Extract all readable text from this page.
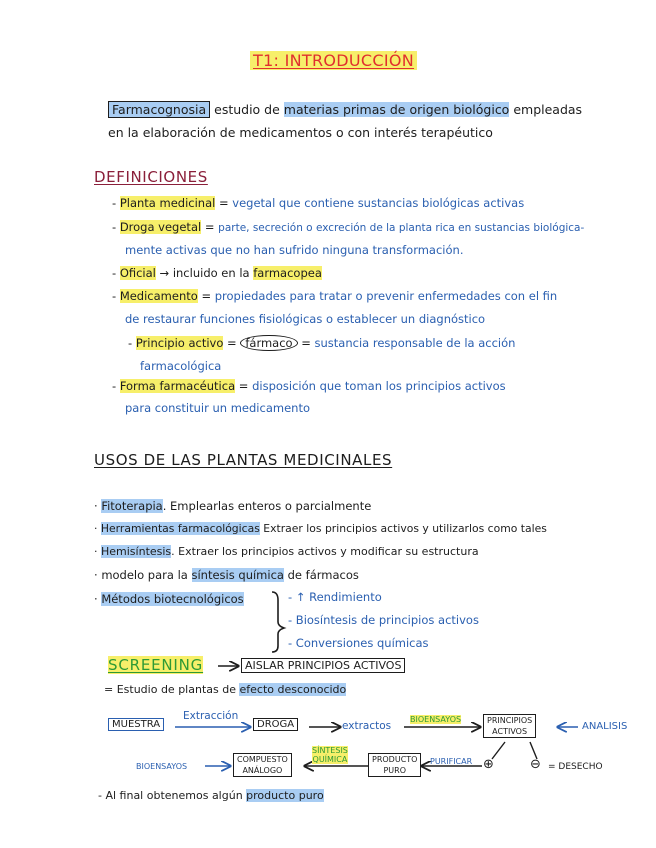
T1: INTRODUCCIÓN
Farmacognosia estudio de materias primas de origen biológico empleadas
en la elaboración de medicamentos o con interés terapéutico
DEFINICIONES
- Planta medicinal = vegetal que contiene sustancias biológicas activas
- Droga vegetal = parte, secreción o excreción de la planta rica en sustancias biológica-
mente activas que no han sufrido ninguna transformación.
- Oficial → incluido en la farmacopea
- Medicamento = propiedades para tratar o prevenir enfermedades con el fin
de restaurar funciones fisiológicas o establecer un diagnóstico
- Principio activo = fármaco = sustancia responsable de la acción
farmacológica
- Forma farmacéutica = disposición que toman los principios activos
para constituir un medicamento
USOS DE LAS PLANTAS MEDICINALES
· Fitoterapia. Emplearlas enteros o parcialmente
· Herramientas farmacológicas Extraer los principios activos y utilizarlos como tales
· Hemisíntesis. Extraer los principios activos y modificar su estructura
· modelo para la síntesis química de fármacos
· Métodos biotecnológicos	- ↑ Rendimiento
- Biosíntesis de principios activos
- Conversiones químicas
SCREENING	AISLAR PRINCIPIOS ACTIVOS
= Estudio de plantas de efecto desconocido
MUESTRA
Extracción
DROGA	extractos
BIOENSAYOS	PRINCIPIOS
ACTIVOS	ANALISIS
BIOENSAYOS
COMPUESTO
ANÁLOGO
SÍNTESIS
QUÍMICA	PRODUCTO
PURO
PURIFICAR ⊕	⊖ = DESECHO
- Al final obtenemos algún producto puro
